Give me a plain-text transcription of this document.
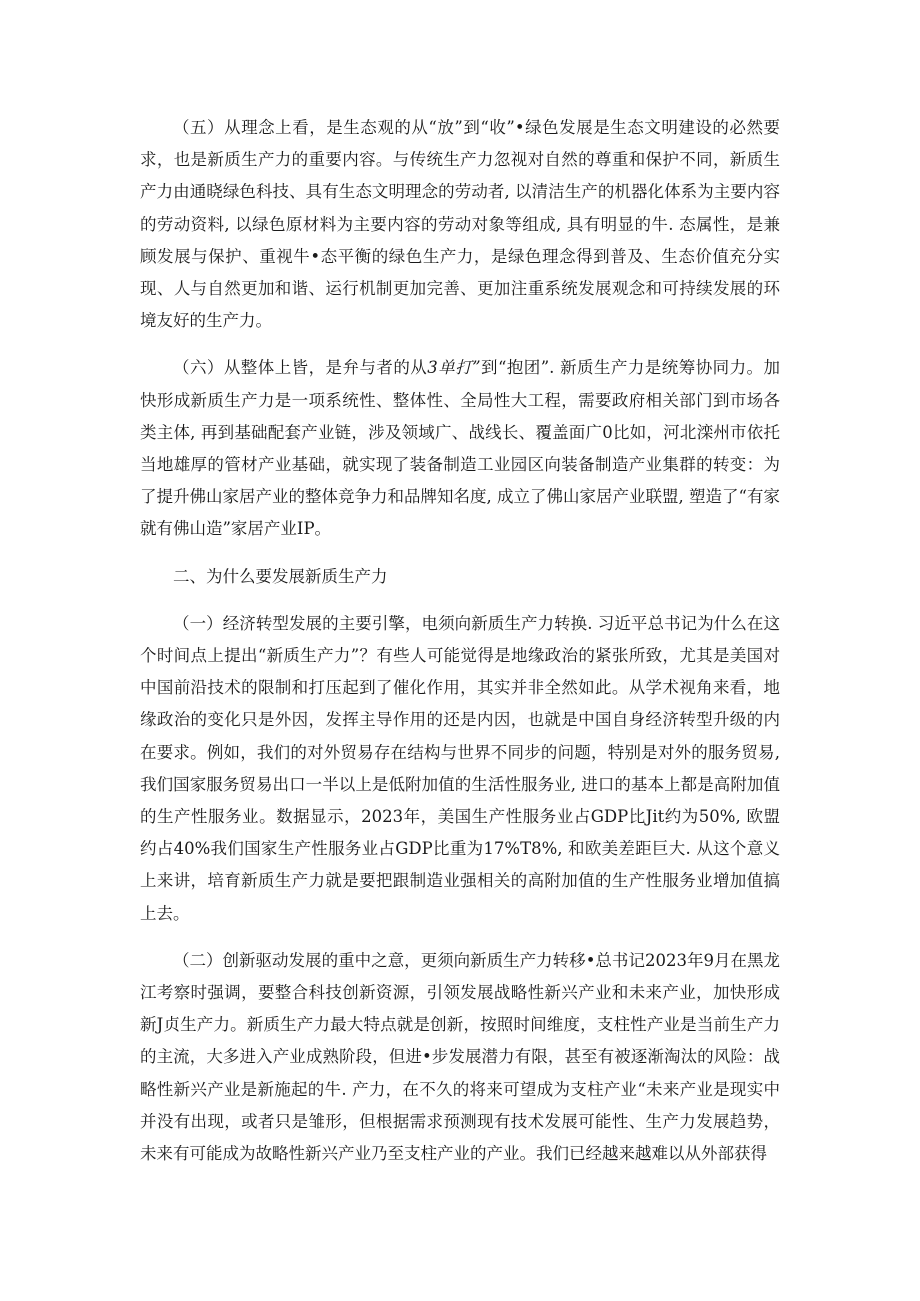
（五）从理念上看，是生态观的从“放”到“收”•绿色发展是生态文明建设的必然要求，也是新质生产力的重要内容。与传统生产力忽视对自然的尊重和保护不同，新质生产力由通晓绿色科技、具有生态文明理念的劳动者, 以清洁生产的机器化体系为主要内容的劳动资料, 以绿色原材料为主要内容的劳动对象等组成, 具有明显的牛. 态属性，是兼顾发展与保护、重视牛•态平衡的绿色生产力，是绿色理念得到普及、生态价值充分实现、人与自然更加和谐、运行机制更加完善、更加注重系统发展观念和可持续发展的环境友好的生产力。

（六）从整体上皆，是弁与者的从3单打”到“抱团”. 新质生产力是统筹协同力。加快形成新质生产力是一项系统性、整体性、全局性大工程，需要政府相关部门到市场各类主体, 再到基础配套产业链，涉及领域广、战线长、覆盖面广0比如，河北滦州市依托当地雄厚的管材产业基础，就实现了装备制造工业园区向装备制造产业集群的转变：为了提升佛山家居产业的整体竞争力和品牌知名度, 成立了佛山家居产业联盟, 塑造了“有家就有佛山造”家居产业IP。

二、为什么要发展新质生产力

（一）经济转型发展的主要引擎，电须向新质生产力转换. 习近平总书记为什么在这个时间点上提出“新质生产力”？有些人可能觉得是地缘政治的紧张所致，尤其是美国对中国前沿技术的限制和打压起到了催化作用，其实并非全然如此。从学术视角来看，地缘政治的变化只是外因，发挥主导作用的还是内因，也就是中国自身经济转型升级的内在要求。例如，我们的对外贸易存在结构与世界不同步的问题，特别是对外的服务贸易, 我们国家服务贸易出口一半以上是低附加值的生活性服务业, 进口的基本上都是高附加值的生产性服务业。数据显示，2023年，美国生产性服务业占GDP比Jit约为50%, 欧盟约占40%我们国家生产性服务业占GDP比重为17%T8%, 和欧美差距巨大. 从这个意义上来讲，培育新质生产力就是要把跟制造业强相关的高附加值的生产性服务业增加值搞上去。

（二）创新驱动发展的重中之意，更须向新质生产力转移•总书记2023年9月在黑龙江考察时强调，要整合科技创新资源，引领发展战略性新兴产业和未来产业，加快形成新J贞生产力。新质生产力最大特点就是创新，按照时间维度，支柱性产业是当前生产力的主流，大多进入产业成熟阶段，但进•步发展潜力有限，甚至有被逐渐淘汰的风险：战略性新兴产业是新施起的牛. 产力，在不久的将来可望成为支柱产业“未来产业是现实中并没有出现，或者只是雏形，但根据需求预测现有技术发展可能性、生产力发展趋势，未来有可能成为故略性新兴产业乃至支柱产业的产业。我们已经越来越难以从外部获得
